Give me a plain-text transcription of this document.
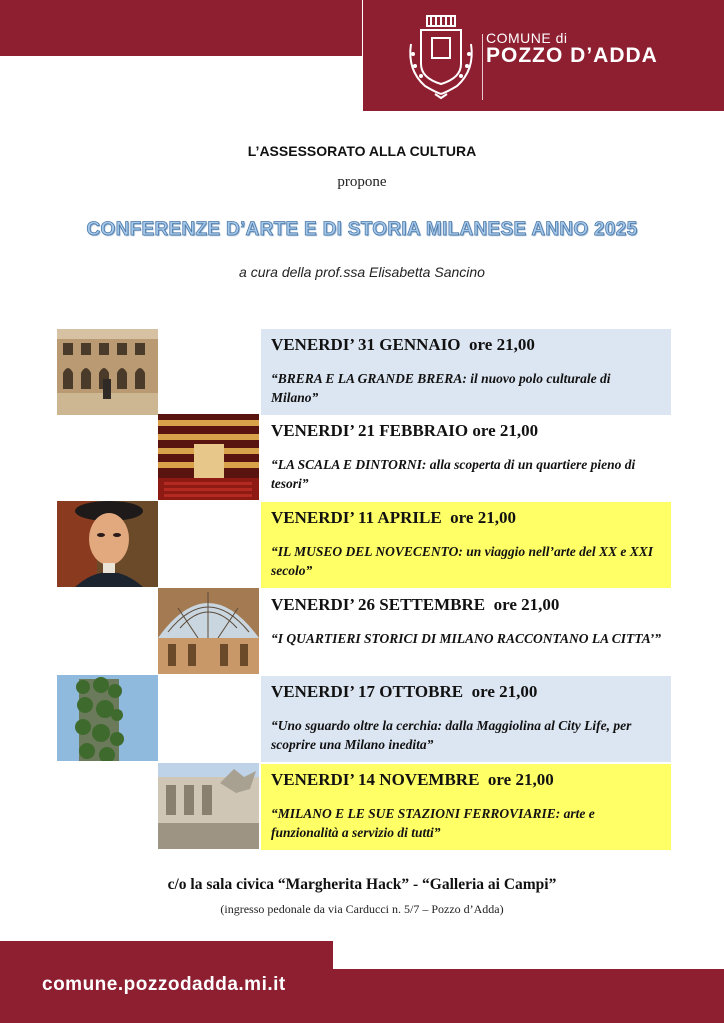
COMUNE di
POZZO D’ADDA
L’ASSESSORATO ALLA CULTURA
propone
CONFERENZE D’ARTE E DI STORIA MILANESE ANNO 2025
a cura della prof.ssa Elisabetta Sancino
VENERDI’ 31 GENNAIO ore 21,00
“BRERA E LA GRANDE BRERA: il nuovo polo culturale di Milano”
VENERDI’ 21 FEBBRAIO ore 21,00
“LA SCALA E DINTORNI: alla scoperta di un quartiere pieno di tesori”
VENERDI’ 11 APRILE ore 21,00
“IL MUSEO DEL NOVECENTO: un viaggio nell’arte del XX e XXI secolo”
VENERDI’ 26 SETTEMBRE ore 21,00
“I QUARTIERI STORICI DI MILANO RACCONTANO LA CITTA’”
VENERDI’ 17 OTTOBRE ore 21,00
“Uno sguardo oltre la cerchia: dalla Maggiolina al City Life, per scoprire una Milano inedita”
VENERDI’ 14 NOVEMBRE ore 21,00
“MILANO E LE SUE STAZIONI FERROVIARIE: arte e funzionalità a servizio di tutti”
c/o la sala civica “Margherita Hack” - “Galleria ai Campi”
(ingresso pedonale da via Carducci n. 5/7 – Pozzo d’Adda)
comune.pozzodadda.mi.it
